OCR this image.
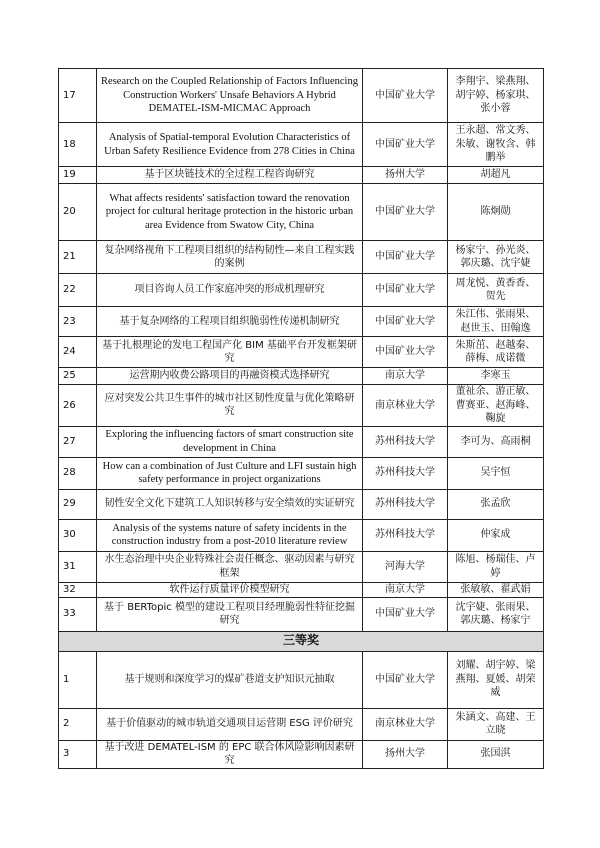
17	Research on the Coupled Relationship of Factors Influencing Construction Workers' Unsafe Behaviors A Hybrid DEMATEL-ISM-MICMAC Approach	中国矿业大学	李翔宇、梁燕翔、胡宇婷、杨家琪、张小蓉
18	Analysis of Spatial-temporal Evolution Characteristics of Urban Safety Resilience Evidence from 278 Cities in China	中国矿业大学	王永超、常文秀、朱敏、谢牧含、韩鹏举
19	基于区块链技术的全过程工程咨询研究	扬州大学	胡超凡
20	What affects residents' satisfaction toward the renovation project for cultural heritage protection in the historic urban area Evidence from Swatow City, China	中国矿业大学	陈炯勋
21	复杂网络视角下工程项目组织的结构韧性—来自工程实践的案例	中国矿业大学	杨家宁、孙光炎、郭庆璐、沈宇婕
22	项目咨询人员工作家庭冲突的形成机理研究	中国矿业大学	周龙悦、黄香香、贺先
23	基于复杂网络的工程项目组织脆弱性传递机制研究	中国矿业大学	朱江伟、张雨果、赵世玉、田翰逸
24	基于扎根理论的发电工程国产化 BIM 基础平台开发框架研究	中国矿业大学	朱斯茁、赵越秦、薛梅、成诺微
25	运营期内收费公路项目的再融资模式选择研究	南京大学	李寒玉
26	应对突发公共卫生事件的城市社区韧性度量与优化策略研究	南京林业大学	董祉余、游正敏、曹赛亚、赵海峰、鞠旋
27	Exploring the influencing factors of smart construction site development in China	苏州科技大学	李可为、高雨桐
28	How can a combination of Just Culture and LFI sustain high safety performance in project organizations	苏州科技大学	吴宇恒
29	韧性安全文化下建筑工人知识转移与安全绩效的实证研究	苏州科技大学	张孟欣
30	Analysis of the systems nature of safety incidents in the construction industry from a post-2010 literature review	苏州科技大学	仲家成
31	水生态治理中央企业特殊社会责任概念、驱动因素与研究框架	河海大学	陈旭、杨瑞佳、卢婷
32	软件运行质量评价模型研究	南京大学	张敏敏、翟武娟
33	基于 BERTopic 模型的建设工程项目经理脆弱性特征挖掘研究	中国矿业大学	沈宇婕、张雨果、郭庆璐、杨家宁
三等奖			
1	基于规则和深度学习的煤矿巷道支护知识元抽取	中国矿业大学	刘耀、胡宇婷、梁燕翔、夏媛、胡荣威
2	基于价值驱动的城市轨道交通项目运营期 ESG 评价研究	南京林业大学	朱涵文、高建、王立晓
3	基于改进 DEMATEL-ISM 的 EPC 联合体风险影响因素研究	扬州大学	张国淇
